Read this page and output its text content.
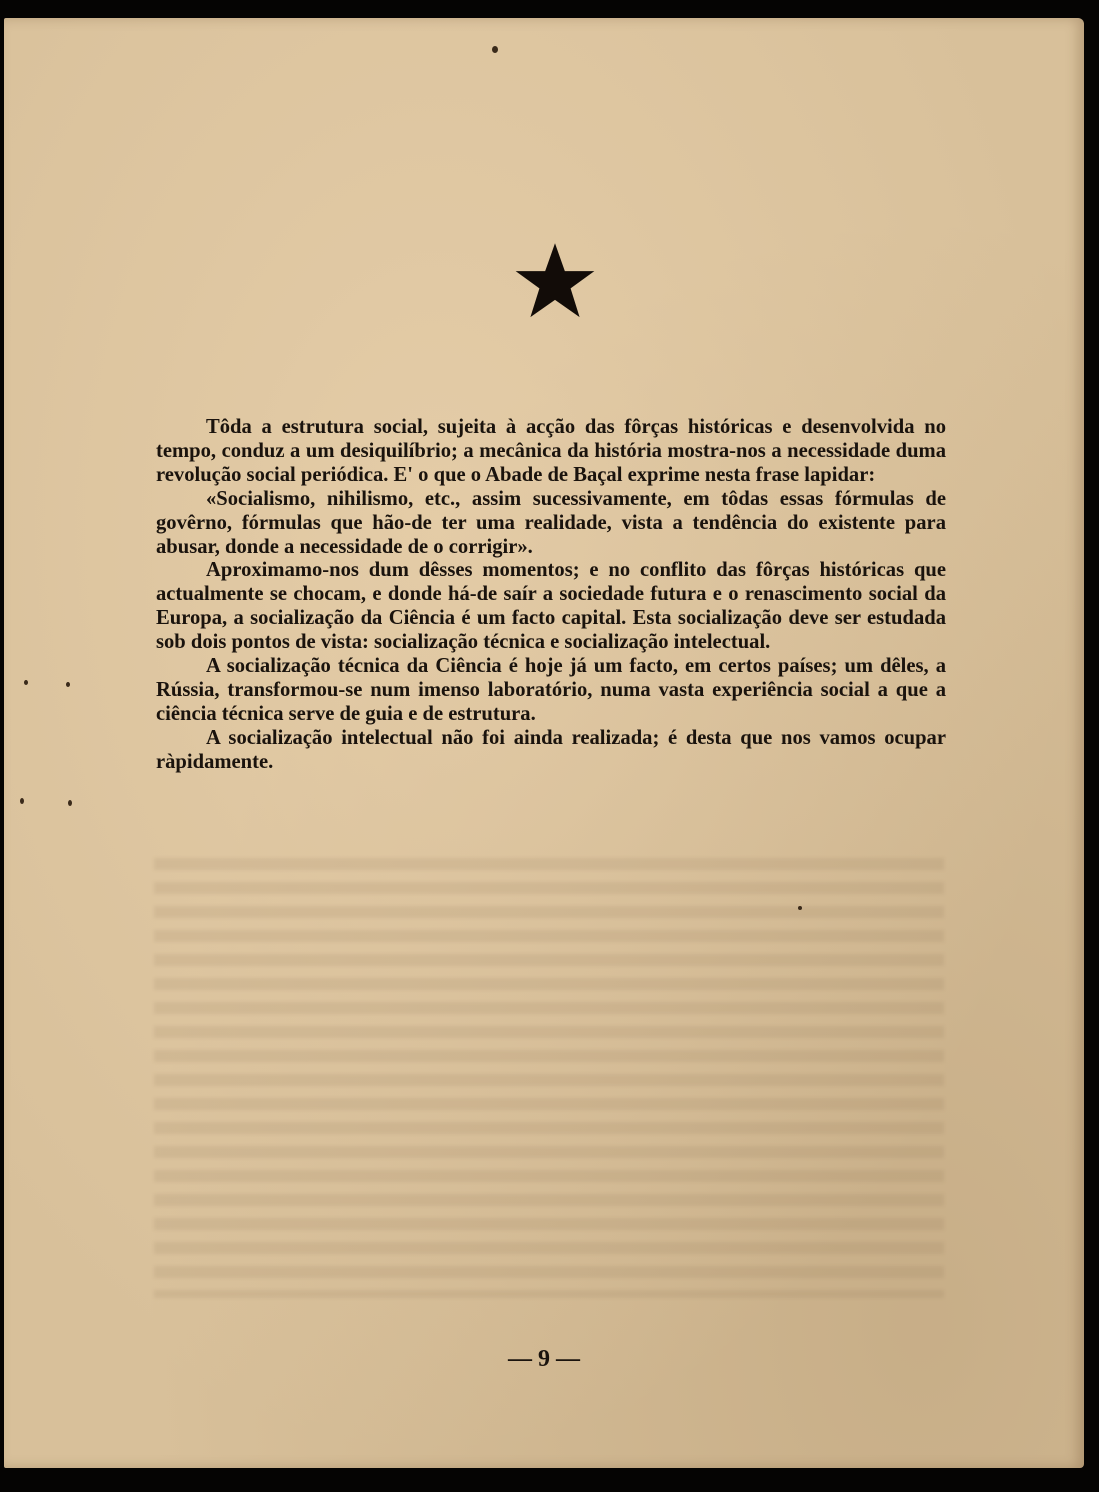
Tôda a estrutura social, sujeita à acção das fôrças históricas e desenvolvida no tempo, conduz a um desiquilíbrio; a mecânica da história mostra-nos a necessidade duma revolução social periódica. E' o que o Abade de Baçal exprime nesta frase lapidar:

«Socialismo, nihilismo, etc., assim sucessivamente, em tôdas essas fórmulas de govêrno, fórmulas que hão-de ter uma realidade, vista a tendência do existente para abusar, donde a necessidade de o corrigir».

Aproximamo-nos dum dêsses momentos; e no conflito das fôrças históricas que actualmente se chocam, e donde há-de saír a sociedade futura e o renascimento social da Europa, a socialização da Ciência é um facto capital. Esta socialização deve ser estudada sob dois pontos de vista: socialização técnica e socialização intelectual.

A socialização técnica da Ciência é hoje já um facto, em certos países; um dêles, a Rússia, transformou-se num imenso laboratório, numa vasta experiência social a que a ciência técnica serve de guia e de estrutura.

A socialização intelectual não foi ainda realizada; é desta que nos vamos ocupar ràpidamente.

— 9 —
